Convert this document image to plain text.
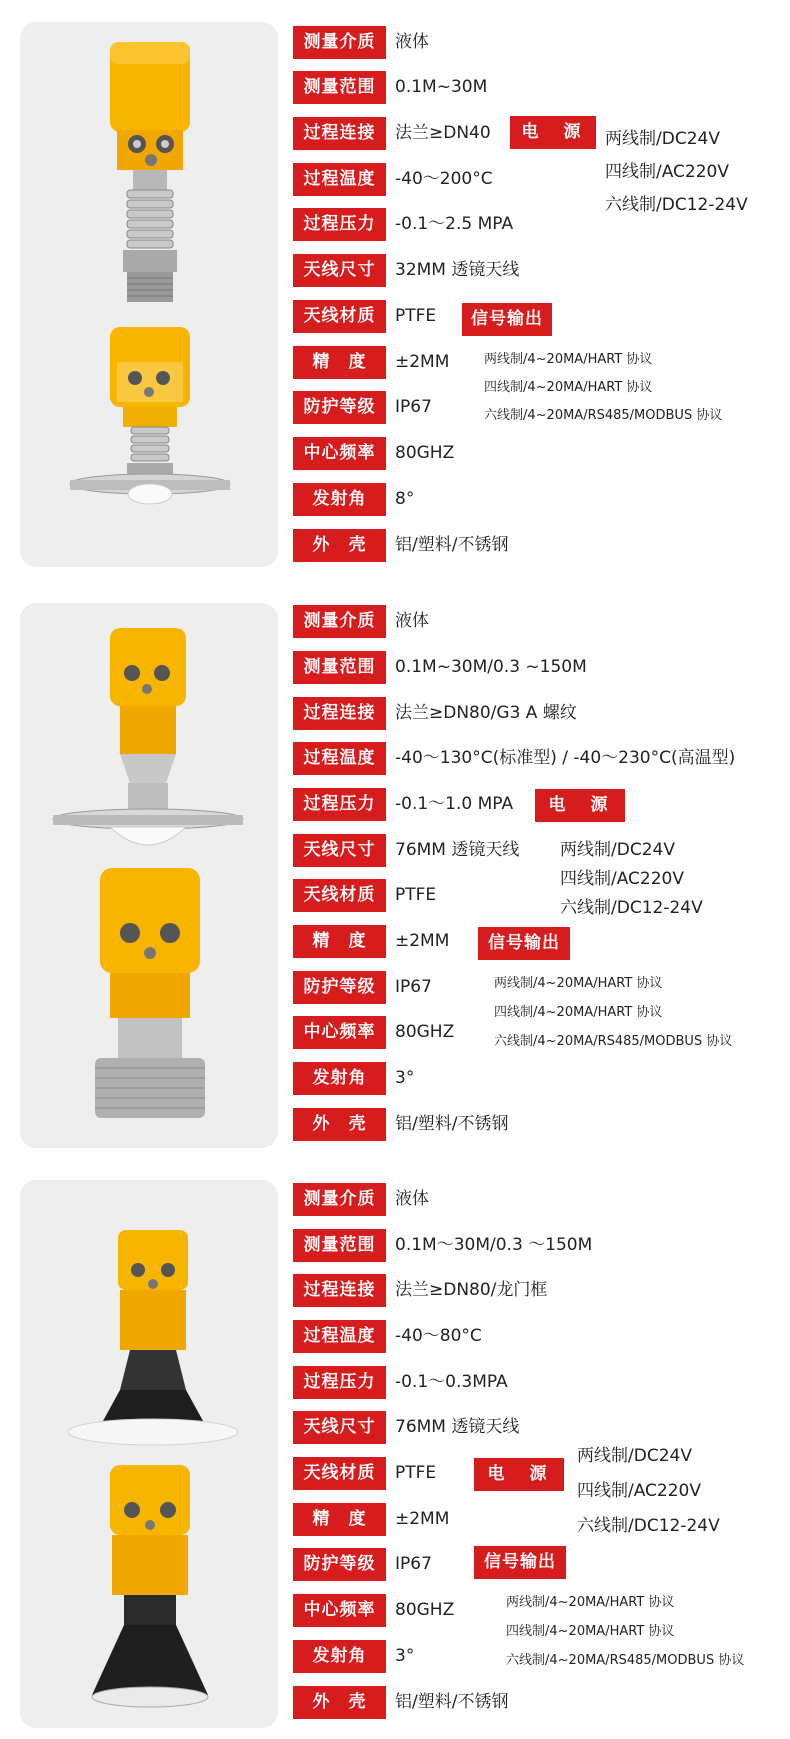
测量介质	液体
测量范围	0.1M~30M
过程连接	法兰≥DN40
过程温度	-40～200°C
过程压力	-0.1～2.5 MPA
天线尺寸	32MM 透镜天线
天线材质	PTFE
精　度	±2MM
防护等级	IP67
中心频率	80GHZ
发射角	8°
外　壳	铝/塑料/不锈钢
电　源	两线制/DC24V
四线制/AC220V
六线制/DC12-24V
信号输出
两线制/4~20MA/HART 协议
四线制/4~20MA/HART 协议
六线制/4~20MA/RS485/MODBUS 协议
测量介质	液体
测量范围	0.1M~30M/0.3 ~150M
过程连接	法兰≥DN80/G3 A 螺纹
过程温度	-40～130°C(标准型) / -40～230°C(高温型)
过程压力	-0.1～1.0 MPA
天线尺寸	76MM 透镜天线
天线材质	PTFE
精　度	±2MM
防护等级	IP67
中心频率	80GHZ
发射角	3°
外　壳	铝/塑料/不锈钢
电　源
两线制/DC24V
四线制/AC220V
六线制/DC12-24V
信号输出
两线制/4~20MA/HART 协议
四线制/4~20MA/HART 协议
六线制/4~20MA/RS485/MODBUS 协议
测量介质	液体
测量范围	0.1M～30M/0.3 ～150M
过程连接	法兰≥DN80/龙门框
过程温度	-40～80°C
过程压力	-0.1～0.3MPA
天线尺寸	76MM 透镜天线
天线材质	PTFE
精　度	±2MM
防护等级	IP67
中心频率	80GHZ
发射角	3°
外　壳	铝/塑料/不锈钢
电　源
两线制/DC24V
四线制/AC220V
六线制/DC12-24V
信号输出
两线制/4~20MA/HART 协议
四线制/4~20MA/HART 协议
六线制/4~20MA/RS485/MODBUS 协议
